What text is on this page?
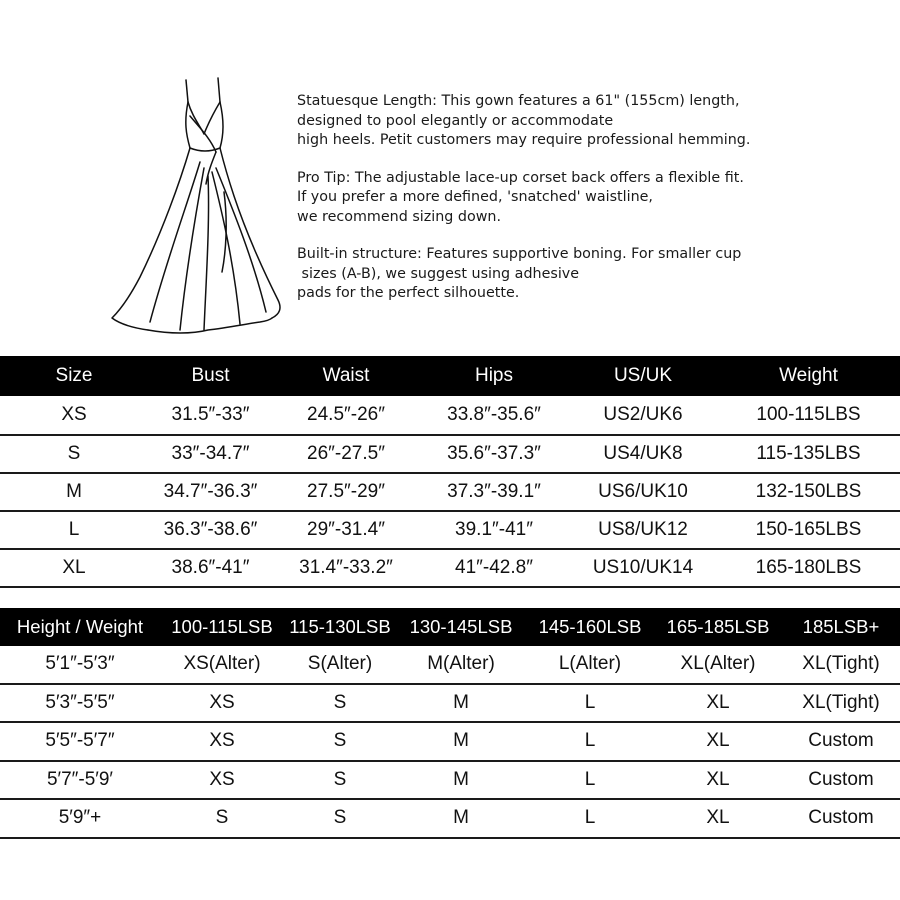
Statuesque Length: This gown features a 61" (155cm) length,
designed to pool elegantly or accommodate
high heels. Petit customers may require professional hemming.

Pro Tip: The adjustable lace-up corset back offers a flexible fit.
If you prefer a more defined, 'snatched' waistline,
we recommend sizing down.

Built-in structure: Features supportive boning. For smaller cup
sizes (A-B), we suggest using adhesive
pads for the perfect silhouette.

Size	Bust	Waist	Hips	US/UK	Weight
XS	31.5″-33″	24.5″-26″	33.8″-35.6″	US2/UK6	100-115LBS
S	33″-34.7″	26″-27.5″	35.6″-37.3″	US4/UK8	115-135LBS
M	34.7″-36.3″	27.5″-29″	37.3″-39.1″	US6/UK10	132-150LBS
L	36.3″-38.6″	29″-31.4″	39.1″-41″	US8/UK12	150-165LBS
XL	38.6″-41″	31.4″-33.2″	41″-42.8″	US10/UK14	165-180LBS
Height / Weight	100-115LSB	115-130LSB	130-145LSB	145-160LSB	165-185LSB	185LSB+
5′1″-5′3″	XS(Alter)	S(Alter)	M(Alter)	L(Alter)	XL(Alter)	XL(Tight)
5′3″-5′5″	XS	S	M	L	XL	XL(Tight)
5′5″-5′7″	XS	S	M	L	XL	Custom
5′7″-5′9′	XS	S	M	L	XL	Custom
5′9″+	S	S	M	L	XL	Custom
